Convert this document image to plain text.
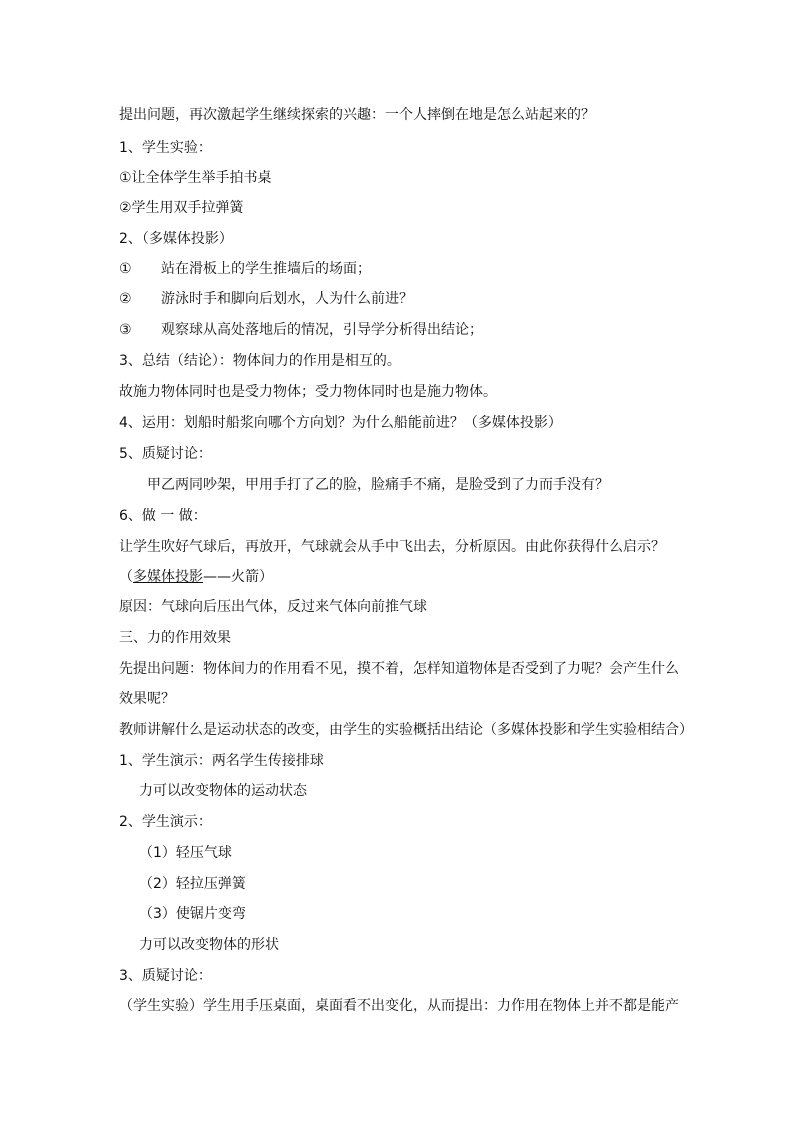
提出问题，再次激起学生继续探索的兴趣：一个人摔倒在地是怎么站起来的？
1、学生实验：
①让全体学生举手拍书桌
②学生用双手拉弹簧
2、（多媒体投影）
① 站在滑板上的学生推墙后的场面；
② 游泳时手和脚向后划水，人为什么前进？
③ 观察球从高处落地后的情况，引导学分析得出结论；
3、总结（结论）：物体间力的作用是相互的。
故施力物体同时也是受力物体；受力物体同时也是施力物体。
4、运用：划船时船浆向哪个方向划？为什么船能前进？（多媒体投影）
5、质疑讨论：
甲乙两同吵架，甲用手打了乙的脸，脸痛手不痛，是脸受到了力而手没有？
6、做 一 做：
让学生吹好气球后，再放开，气球就会从手中飞出去，分析原因。由此你获得什么启示？
（多媒体投影——火箭）
原因：气球向后压出气体，反过来气体向前推气球
三、力的作用效果
先提出问题：物体间力的作用看不见，摸不着，怎样知道物体是否受到了力呢？会产生什么
效果呢？
教师讲解什么是运动状态的改变，由学生的实验概括出结论（多媒体投影和学生实验相结合）
1、学生演示：两名学生传接排球
力可以改变物体的运动状态
2、学生演示：
（1）轻压气球
（2）轻拉压弹簧
（3）使锯片变弯
力可以改变物体的形状
3、质疑讨论：
（学生实验）学生用手压桌面，桌面看不出变化，从而提出：力作用在物体上并不都是能产
